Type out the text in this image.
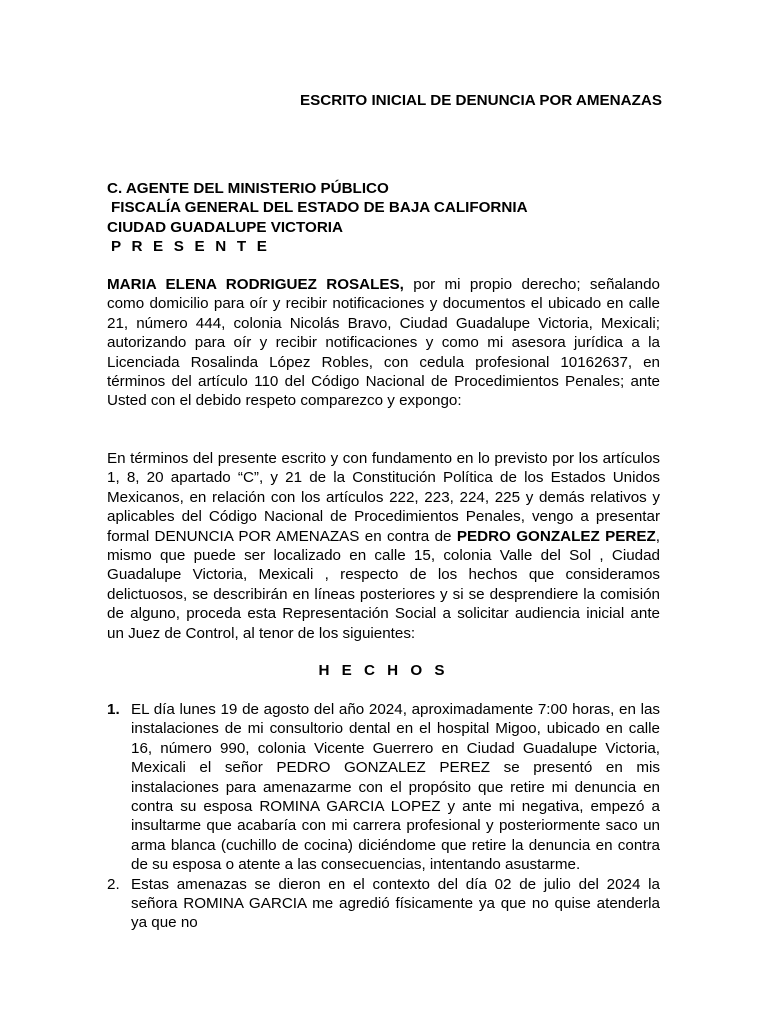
ESCRITO INICIAL DE DENUNCIA POR AMENAZAS
C. AGENTE DEL MINISTERIO PÚBLICO
FISCALÍA GENERAL DEL ESTADO DE BAJA CALIFORNIA
CIUDAD GUADALUPE VICTORIA
P R E S E N T E
MARIA ELENA RODRIGUEZ ROSALES, por mi propio derecho; señalando como domicilio para oír y recibir notificaciones y documentos el ubicado en calle 21, número 444, colonia Nicolás Bravo, Ciudad Guadalupe Victoria, Mexicali; autorizando para oír y recibir notificaciones y como mi asesora jurídica a la Licenciada Rosalinda López Robles, con cedula profesional 10162637, en términos del artículo 110 del Código Nacional de Procedimientos Penales; ante Usted con el debido respeto comparezco y expongo:
En términos del presente escrito y con fundamento en lo previsto por los artículos 1, 8, 20 apartado “C”, y 21 de la Constitución Política de los Estados Unidos Mexicanos, en relación con los artículos 222, 223, 224, 225 y demás relativos y aplicables del Código Nacional de Procedimientos Penales, vengo a presentar formal DENUNCIA POR AMENAZAS en contra de PEDRO GONZALEZ PEREZ, mismo que puede ser localizado en calle 15, colonia Valle del Sol , Ciudad Guadalupe Victoria, Mexicali , respecto de los hechos que consideramos delictuosos, se describirán en líneas posteriores y si se desprendiere la comisión de alguno, proceda esta Representación Social a solicitar audiencia inicial ante un Juez de Control, al tenor de los siguientes:
H E C H O S
1. EL día lunes 19 de agosto del año 2024, aproximadamente 7:00 horas, en las instalaciones de mi consultorio dental en el hospital Migoo, ubicado en calle 16, número 990, colonia Vicente Guerrero en Ciudad Guadalupe Victoria, Mexicali el señor PEDRO GONZALEZ PEREZ se presentó en mis instalaciones para amenazarme con el propósito que retire mi denuncia en contra su esposa ROMINA GARCIA LOPEZ y ante mi negativa, empezó a insultarme que acabaría con mi carrera profesional y posteriormente saco un arma blanca (cuchillo de cocina) diciéndome que retire la denuncia en contra de su esposa o atente a las consecuencias, intentando asustarme.
2. Estas amenazas se dieron en el contexto del día 02 de julio del 2024 la señora ROMINA GARCIA me agredió físicamente ya que no quise atenderla ya que no
